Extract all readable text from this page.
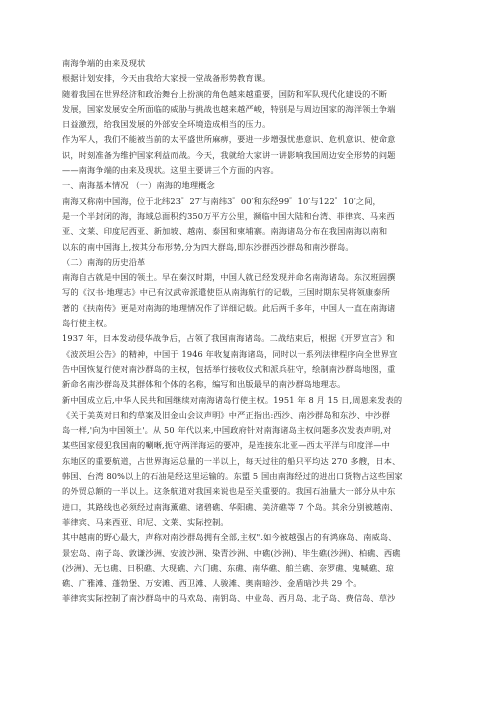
南海争端的由来及现状
根据计划安排，今天由我给大家授一堂战备形势教育课。
随着我国在世界经济和政治舞台上扮演的角色越来越重要，国防和军队现代化建设的不断
发展，国家发展安全所面临的威胁与挑战也越来越严峻，特别是与周边国家的海洋领土争端
日益激烈，给我国发展的外部安全环境造成相当的压力。
作为军人，我们不能被当前的太平盛世所麻痹，要进一步增强忧患意识、危机意识、使命意
识，时刻准备为维护国家利益而战。今天，我就给大家讲一讲影响我国周边安全形势的问题
——南海争端的由来及现状。这里主要讲三个方面的内容。
一、南海基本情况 （一）南海的地理概念
南海又称南中国海，位于北纬23゜27′与南纬3゜00′和东经99゜10′与122゜10′之间，
是一个半封闭的海，海域总面积约350万平方公里，濒临中国大陆和台湾、菲律宾、马来西
亚、文莱、印度尼西亚、新加坡、越南、泰国和柬埔寨。南海诸岛分布在我国南海以南和
以东的南中国海上,按其分布形势,分为四大群岛,即东沙群西沙群岛和南沙群岛。
（二）南海的历史沿革
南海自古就是中国的领土。早在秦汉时期，中国人就已经发现并命名南海诸岛。东汉班固撰
写的《汉书·地理志》中已有汉武帝派遣使臣从南海航行的记载，三国时期东吴将领康泰所
著的《扶南传》更是对南海的地理情况作了详细记载。此后两千多年，中国人一直在南海诸
岛行使主权。
1937 年，日本发动侵华战争后，占领了我国南海诸岛。二战结束后，根据《开罗宣言》和
《波茨坦公告》的精神，中国于 1946 年收复南海诸岛，同时以一系列法律程序向全世界宣
告中国恢复行使对南沙群岛的主权，包括举行接收仪式和派兵驻守，绘制南沙群岛地图，重
新命名南沙群岛及其群体和个体的名称，编写和出版最早的南沙群岛地理志。
新中国成立后,中华人民共和国继续对南海诸岛行使主权。1951 年 8 月 15 日,周恩来发表的
《关于美英对日和约草案及旧金山会议声明》中严正指出:西沙、南沙群岛和东沙、中沙群
岛一样,'向为中国领土'。从 50 年代以来,中国政府针对南海诸岛主权问题多次发表声明,对
某些国家侵犯我国南的唰晰,扼守两洋海运的要冲，是连接东北亚—西太平洋与印度洋—中
东地区的重要航道，占世界海运总量的一半以上，每天过往的船只平均达 270 多艘，日本、
韩国、台湾 80%以上的石油是经这里运输的。东盟 5 国由南海经过的进出口货物占这些国家
的外贸总额的一半以上。这条航道对我国来说也是至关重要的。我国石油量大一部分从中东
进口，其路线也必须经过南海薰礁、诸碧礁、华阳礁、美济礁等 7 个岛。其余分别被越南、
菲律宾、马来西亚、印尼、文莱、实际控制。
其中越南的野心最大，声称对南沙群岛拥有全部,主权".如今被越强占的有鸿庥岛、南威岛、
景宏岛、南子岛、敦谦沙洲、安波沙洲、染青沙洲、中礁(沙洲)、毕生礁(沙洲)、柏礁、西礁
(沙洲)、无乜礁、日积礁、大现礁、六门礁、东礁、南华礁、舶兰礁、奈罗礁、鬼喊礁、琼
礁、广雅滩、蓬勃堡、万安滩、西卫滩、人骏滩、奥南暗沙、金盾暗沙共 29 个。
菲律宾实际控制了南沙群岛中的马欢岛、南钥岛、中业岛、西月岛、北子岛、费信岛、草沙
